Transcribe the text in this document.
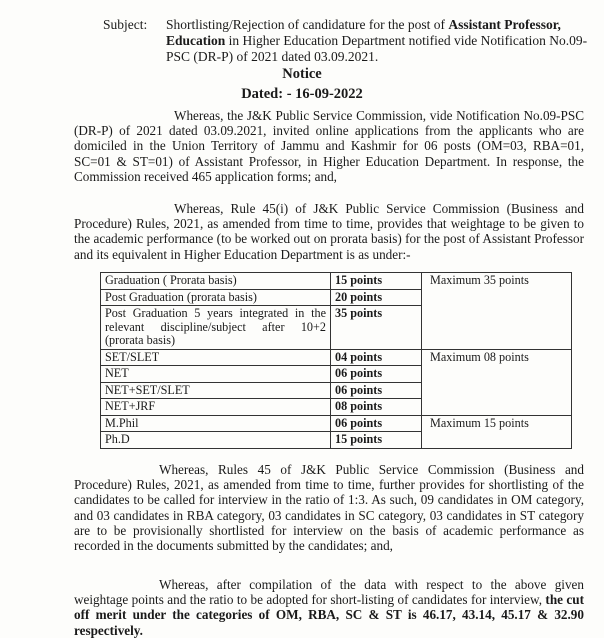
Subject: Shortlisting/Rejection of candidature for the post of Assistant Professor, Education in Higher Education Department notified vide Notification No.09-PSC (DR-P) of 2021 dated 03.09.2021.
Notice
Dated: - 16-09-2022
Whereas, the J&K Public Service Commission, vide Notification No.09-PSC (DR-P) of 2021 dated 03.09.2021, invited online applications from the applicants who are domiciled in the Union Territory of Jammu and Kashmir for 06 posts (OM=03, RBA=01, SC=01 & ST=01) of Assistant Professor, in Higher Education Department. In response, the Commission received 465 application forms; and,
Whereas, Rule 45(i) of J&K Public Service Commission (Business and Procedure) Rules, 2021, as amended from time to time, provides that weightage to be given to the academic performance (to be worked out on prorata basis) for the post of Assistant Professor and its equivalent in Higher Education Department is as under:-
Graduation ( Prorata basis)	15 points	Maximum 35 points
Post Graduation (prorata basis)	20 points	

Post Graduation 5 years integrated in the relevant discipline/subject after 10+2 (prorata basis)	35 points	
SET/SLET	04 points	Maximum 08 points
NET	06 points	
NET+SET/SLET	06 points	
NET+JRF	08 points	
M.Phil	06 points	Maximum 15 points
Ph.D	15 points	
Whereas, Rules 45 of J&K Public Service Commission (Business and Procedure) Rules, 2021, as amended from time to time, further provides for shortlisting of the candidates to be called for interview in the ratio of 1:3. As such, 09 candidates in OM category, and 03 candidates in RBA category, 03 candidates in SC category, 03 candidates in ST category are to be provisionally shortlisted for interview on the basis of academic performance as recorded in the documents submitted by the candidates; and,
Whereas, after compilation of the data with respect to the above given weightage points and the ratio to be adopted for short-listing of candidates for interview, the cut off merit under the categories of OM, RBA, SC & ST is 46.17, 43.14, 45.17 & 32.90 respectively.
